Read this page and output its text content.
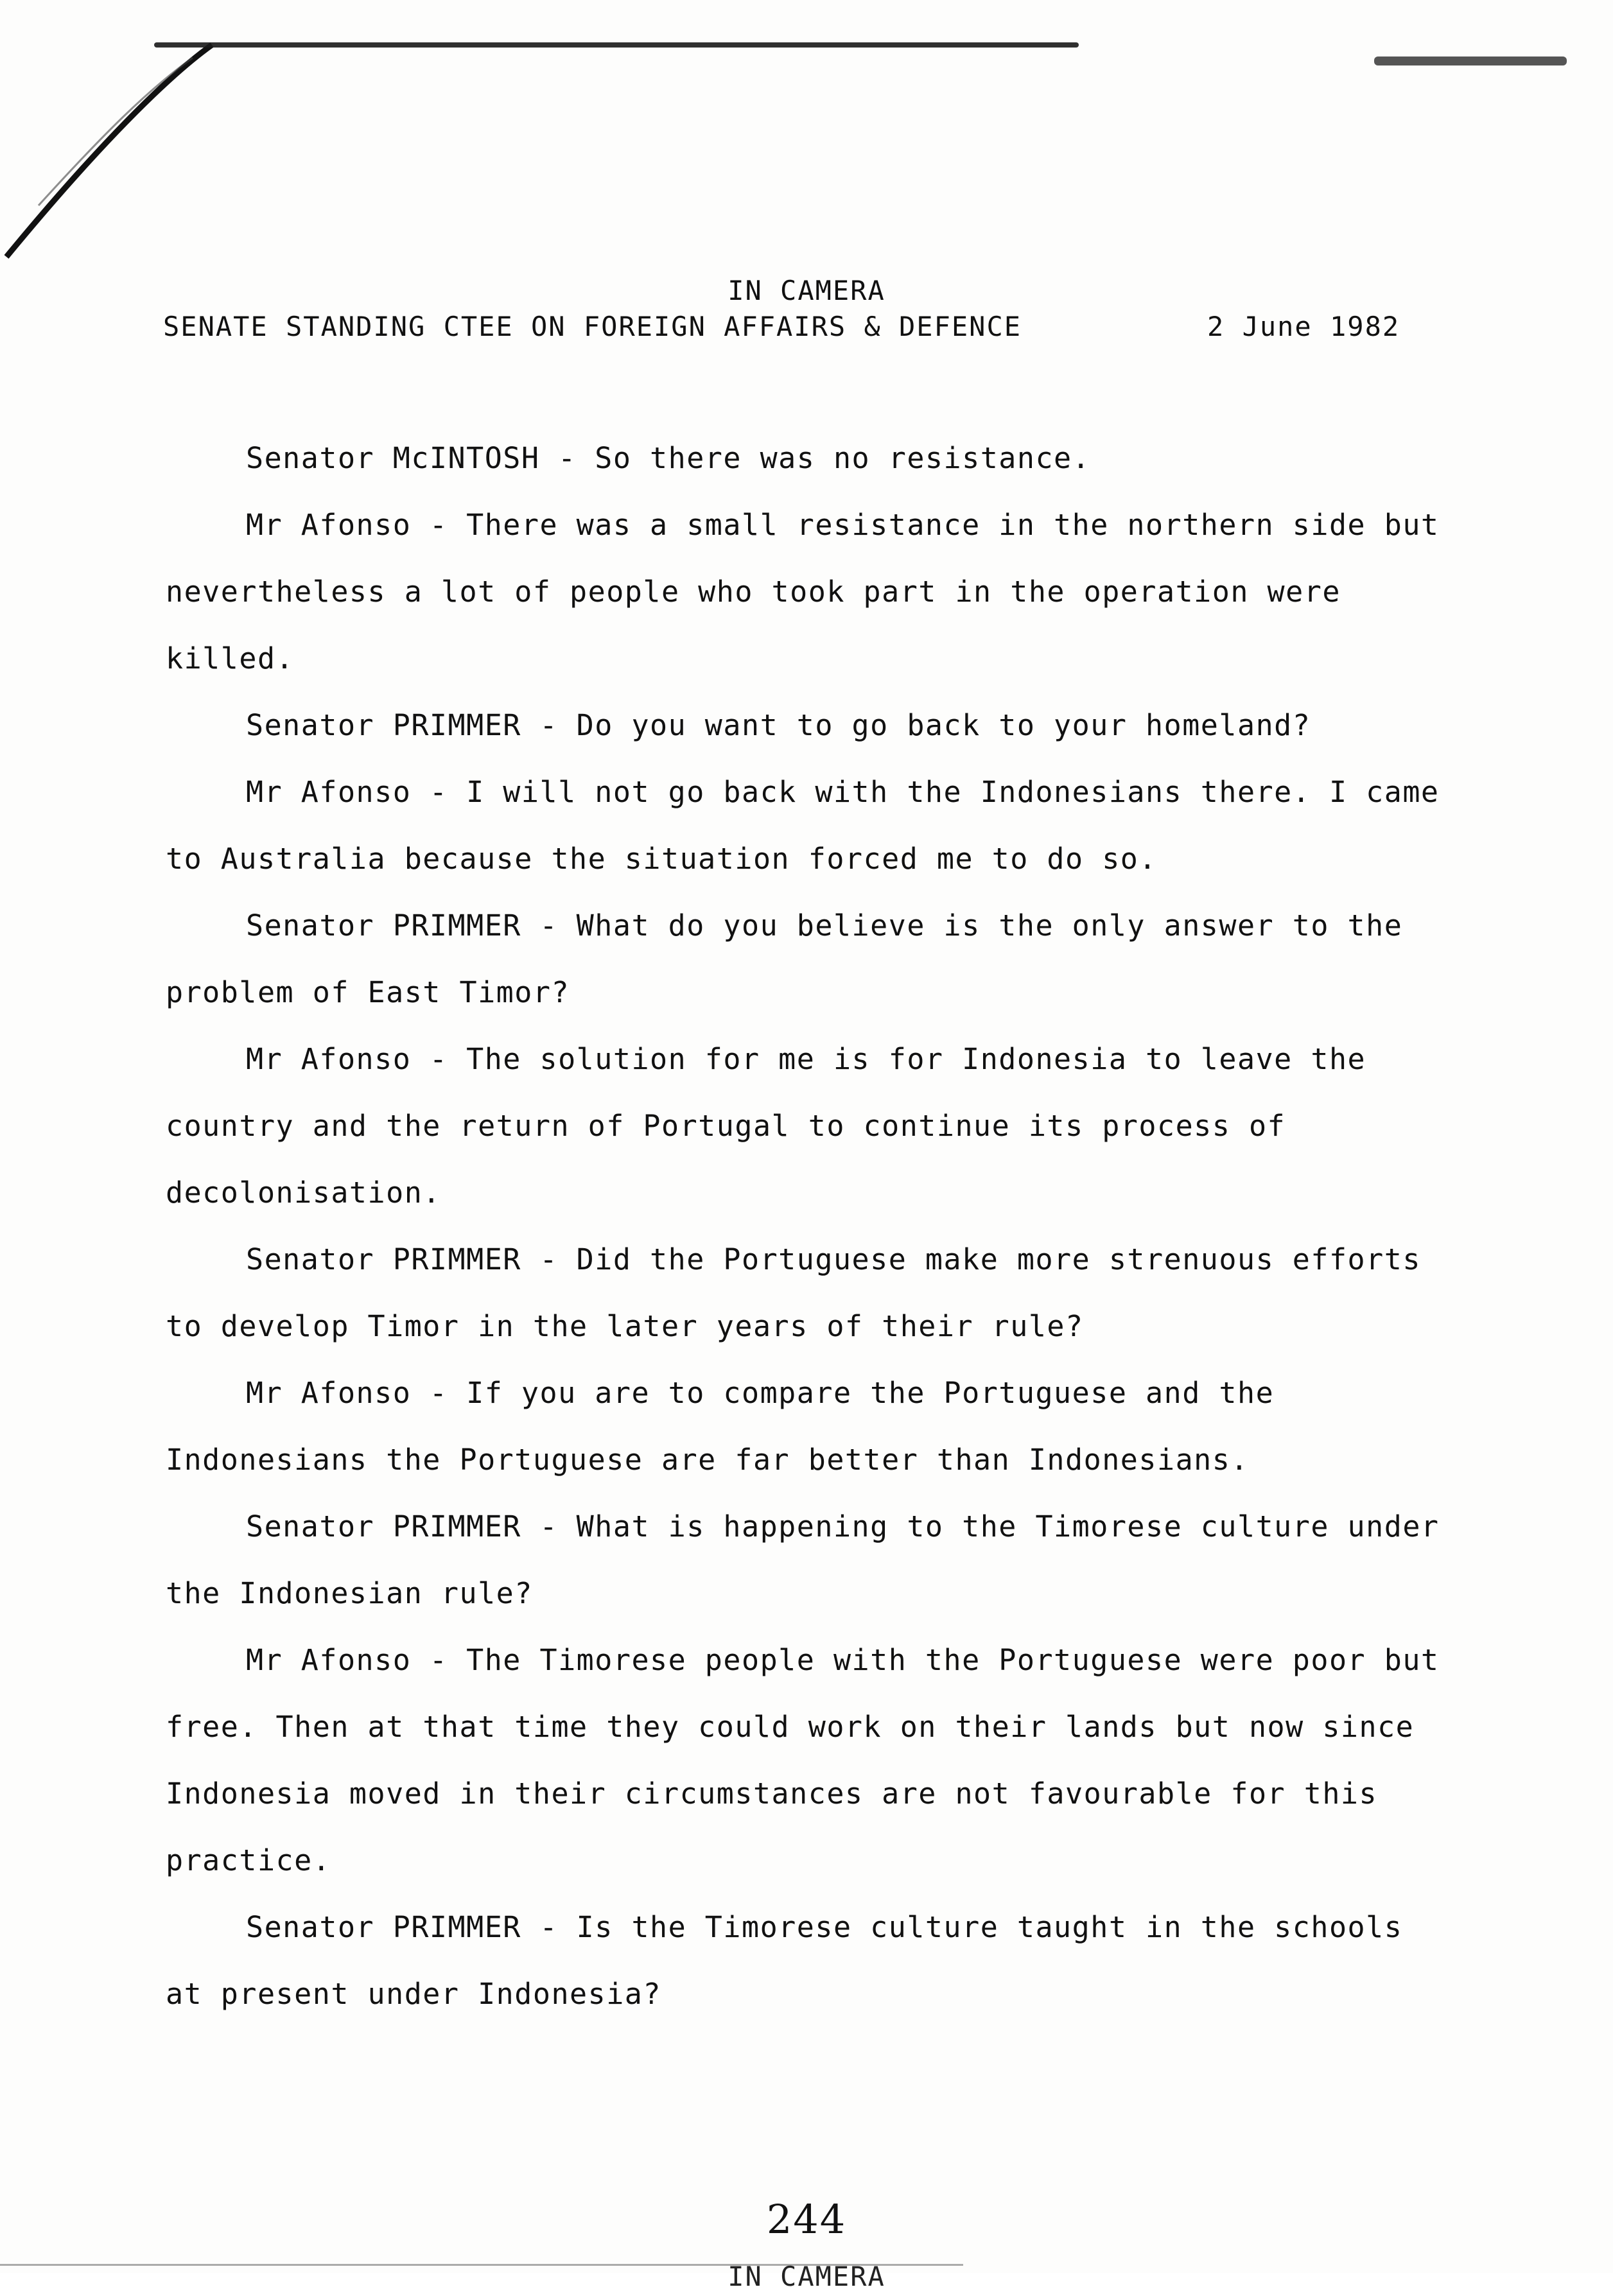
IN CAMERA
SENATE STANDING CTEE ON FOREIGN AFFAIRS & DEFENCE	2 June 1982

Senator McINTOSH - So there was no resistance.

Mr Afonso - There was a small resistance in the northern side but nevertheless a lot of people who took part in the operation were killed.

Senator PRIMMER - Do you want to go back to your homeland?

Mr Afonso - I will not go back with the Indonesians there. I came to Australia because the situation forced me to do so.

Senator PRIMMER - What do you believe is the only answer to the problem of East Timor?

Mr Afonso - The solution for me is for Indonesia to leave the country and the return of Portugal to continue its process of decolonisation.

Senator PRIMMER - Did the Portuguese make more strenuous efforts to develop Timor in the later years of their rule?

Mr Afonso - If you are to compare the Portuguese and the Indonesians the Portuguese are far better than Indonesians.

Senator PRIMMER - What is happening to the Timorese culture under the Indonesian rule?

Mr Afonso - The Timorese people with the Portuguese were poor but free. Then at that time they could work on their lands but now since Indonesia moved in their circumstances are not favourable for this practice.

Senator PRIMMER - Is the Timorese culture taught in the schools at present under Indonesia?

244
IN CAMERA
